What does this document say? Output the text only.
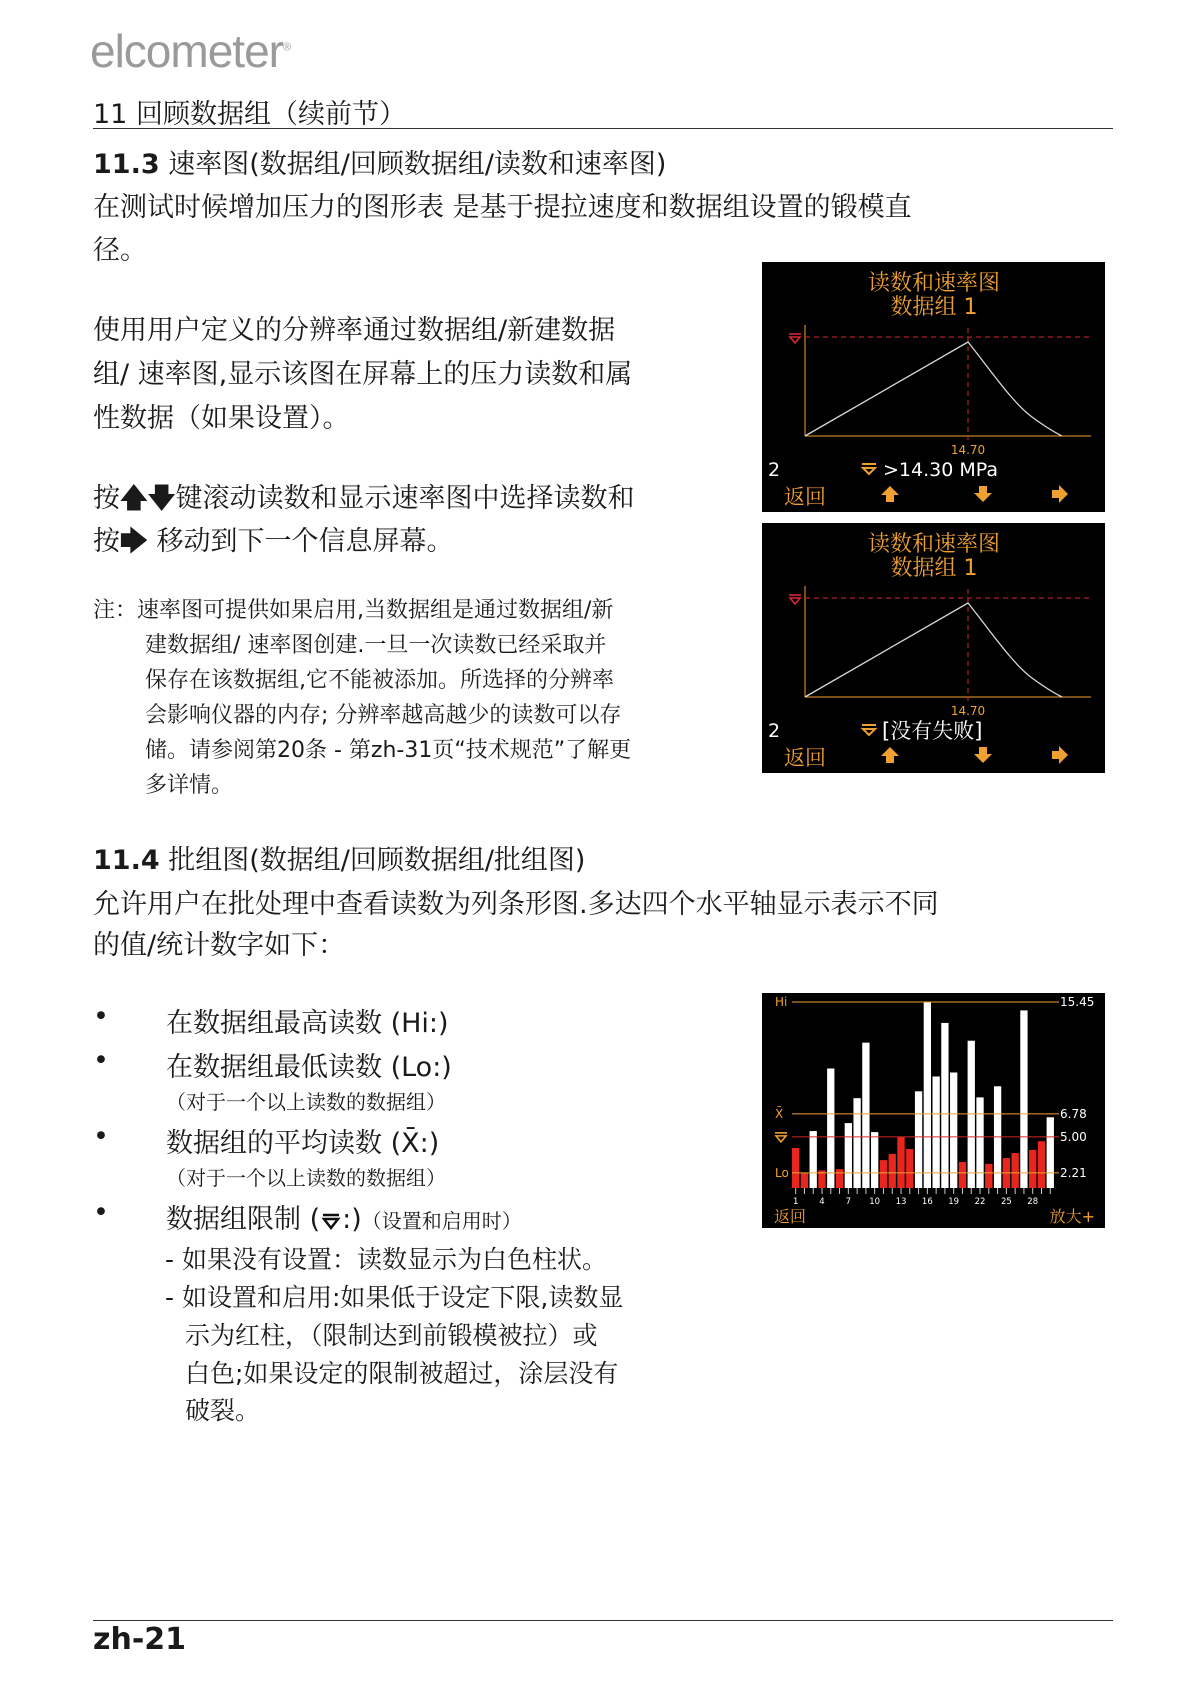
elcometer®
11 回顾数据组（续前节）
11.3 速率图(数据组/回顾数据组/读数和速率图)
在测试时候增加压力的图形表 是基于提拉速度和数据组设置的锻模直
径。
使用用户定义的分辨率通过数据组/新建数据
组/ 速率图,显示该图在屏幕上的压力读数和属
性数据（如果设置）。
按🡅🡇键滚动读数和显示速率图中选择读数和
按🡆 移动到下一个信息屏幕。
注：速率图可提供如果启用,当数据组是通过数据组/新
建数据组/ 速率图创建.一旦一次读数已经采取并
保存在该数据组,它不能被添加。所选择的分辨率
会影响仪器的内存; 分辨率越高越少的读数可以存
储。请参阅第20条 - 第zh-31页“技术规范”了解更
多详情。
读数和速率图
数据组 1
14.70
2	>14.30 MPa
返回
读数和速率图
数据组 1
14.70
2	[没有失败]
返回
11.4 批组图(数据组/回顾数据组/批组图)
允许用户在批处理中查看读数为列条形图.多达四个水平轴显示表示不同
的值/统计数字如下：
• 在数据组最高读数 (Hi:)
• 在数据组最低读数 (Lo:)
（对于一个以上读数的数据组）
• 数据组的平均读数 (X̄:)
（对于一个以上读数的数据组）
• 数据组限制 ( :)（设置和启用时）
- 如果没有设置：读数显示为白色柱状。
- 如设置和启用:如果低于设定下限,读数显
示为红柱，（限制达到前锻模被拉）或
白色;如果设定的限制被超过，涂层没有
破裂。
Hi
X̄
Lo
15.45
6.78
5.00
2.21
1 4 7 10 13 16 19 22 25 28
返回	放大+
zh-21
